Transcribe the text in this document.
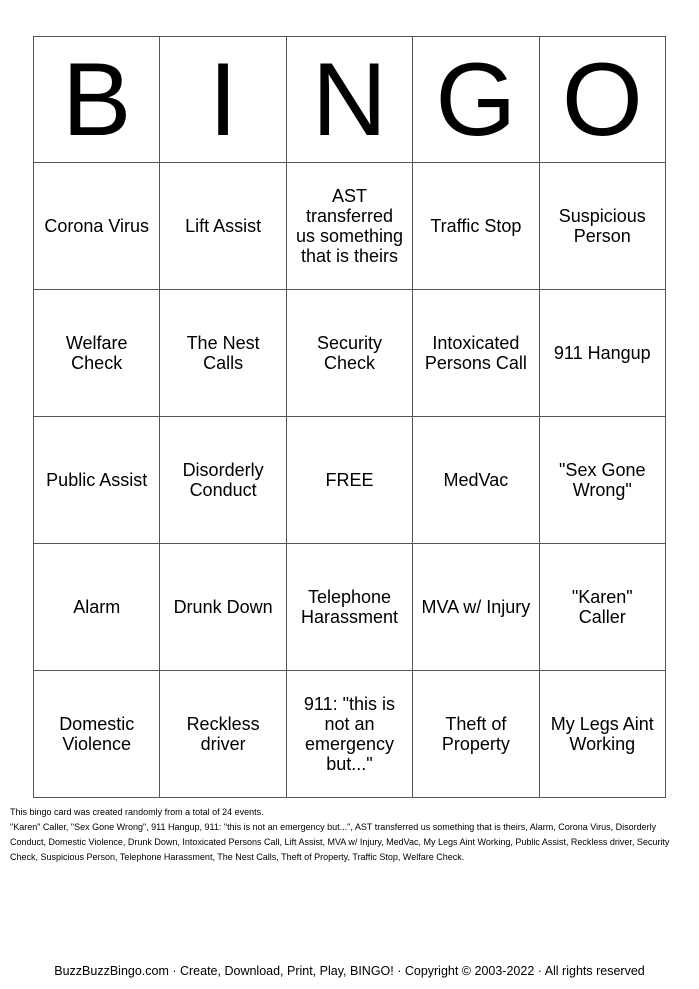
B	I	N	G	O
Corona Virus	Lift Assist	AST transferred us something that is theirs	Traffic Stop	Suspicious Person
Welfare Check	The Nest Calls	Security Check	Intoxicated Persons Call	911 Hangup
Public Assist	Disorderly Conduct	FREE	MedVac	"Sex Gone Wrong"
Alarm	Drunk Down	Telephone Harassment	MVA w/ Injury	"Karen" Caller
Domestic Violence	Reckless driver	911: "this is not an emergency but..."	Theft of Property	My Legs Aint Working

This bingo card was created randomly from a total of 24 events.

"Karen" Caller, "Sex Gone Wrong", 911 Hangup, 911: "this is not an emergency but...", AST transferred us something that is theirs, Alarm, Corona Virus, Disorderly Conduct, Domestic Violence, Drunk Down, Intoxicated Persons Call, Lift Assist, MVA w/ Injury, MedVac, My Legs Aint Working, Public Assist, Reckless driver, Security Check, Suspicious Person, Telephone Harassment, The Nest Calls, Theft of Property, Traffic Stop, Welfare Check.

BuzzBuzzBingo.com · Create, Download, Print, Play, BINGO! · Copyright © 2003-2022 · All rights reserved
